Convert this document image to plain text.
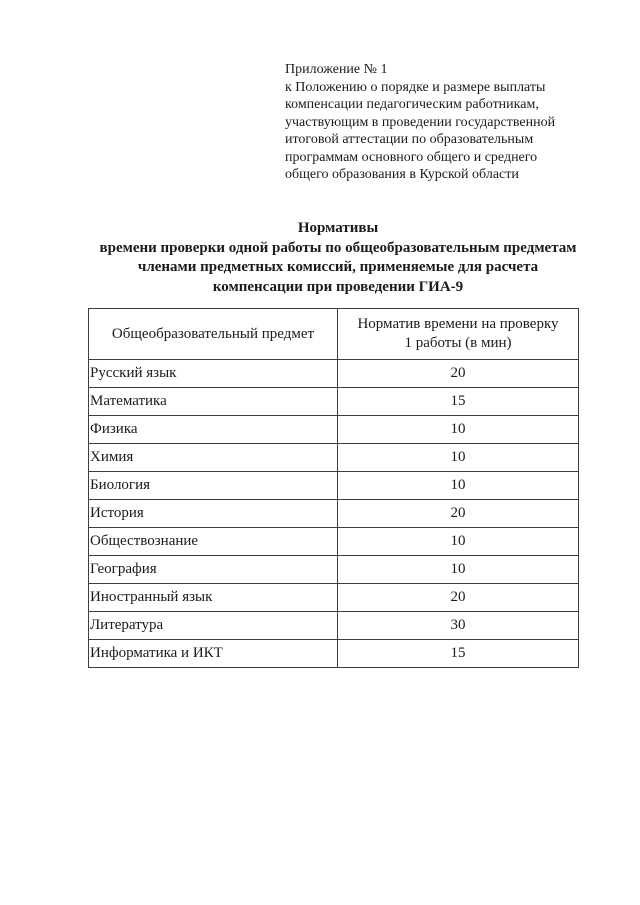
Приложение № 1
к Положению о порядке и размере выплаты
компенсации педагогическим работникам,
участвующим в проведении государственной
итоговой аттестации по образовательным
программам основного общего и среднего
общего образования в Курской области
Нормативы
времени проверки одной работы по общеобразовательным предметам
членами предметных комиссий, применяемые для расчета
компенсации при проведении ГИА-9
Общеобразовательный предмет	Норматив времени на проверку 1 работы (в мин)
Русский язык	20
Математика	15
Физика	10
Химия	10
Биология	10
История	20
Обществознание	10
География	10
Иностранный язык	20
Литература	30
Информатика и ИКТ	15
